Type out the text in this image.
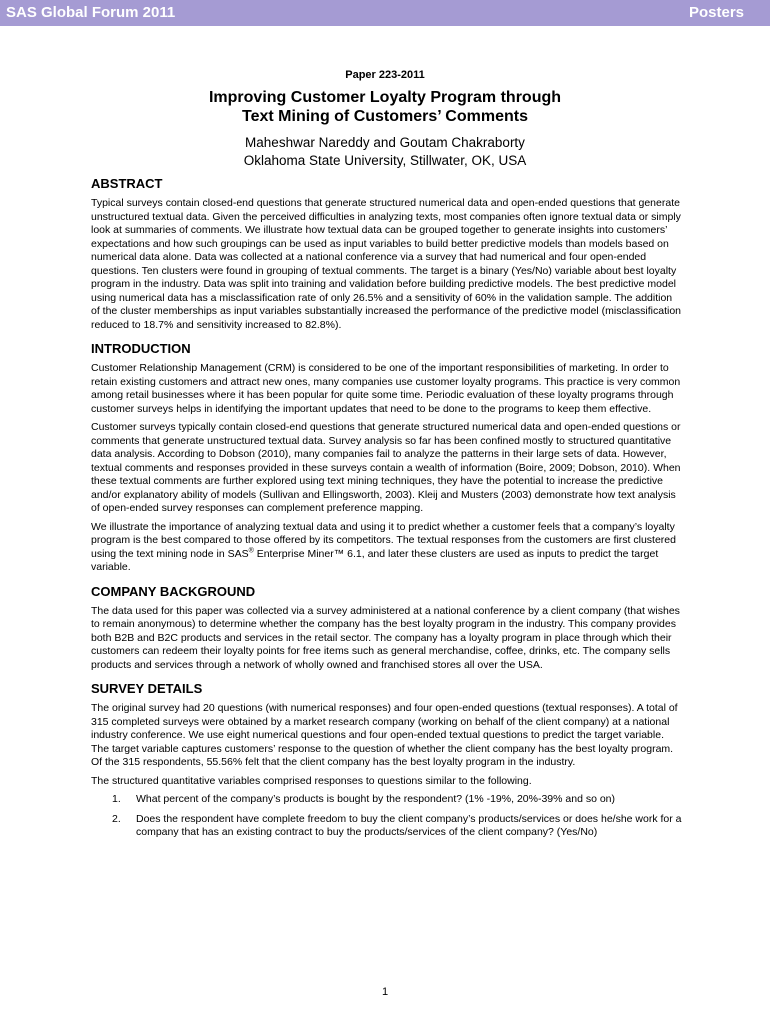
SAS Global Forum 2011	Posters
Paper 223-2011
Improving Customer Loyalty Program through
Text Mining of Customers’ Comments
Maheshwar Nareddy and Goutam Chakraborty
Oklahoma State University, Stillwater, OK, USA
ABSTRACT

Typical surveys contain closed-end questions that generate structured numerical data and open-ended questions that generate unstructured textual data. Given the perceived difficulties in analyzing texts, most companies often ignore textual data or simply look at summaries of comments. We illustrate how textual data can be grouped together to generate insights into customers’ expectations and how such groupings can be used as input variables to build better predictive models than models based on numerical data alone. Data was collected at a national conference via a survey that had numerical and four open-ended questions. Ten clusters were found in grouping of textual comments. The target is a binary (Yes/No) variable about best loyalty program in the industry. Data was split into training and validation before building predictive models. The best predictive model using numerical data has a misclassification rate of only 26.5% and a sensitivity of 60% in the validation sample. The addition of the cluster memberships as input variables substantially increased the performance of the predictive model (misclassification reduced to 18.7% and sensitivity increased to 82.8%).

INTRODUCTION

Customer Relationship Management (CRM) is considered to be one of the important responsibilities of marketing. In order to retain existing customers and attract new ones, many companies use customer loyalty programs. This practice is very common among retail businesses where it has been popular for quite some time. Periodic evaluation of these loyalty programs through customer surveys helps in identifying the important updates that need to be done to the programs to keep them effective.

Customer surveys typically contain closed-end questions that generate structured numerical data and open-ended questions or comments that generate unstructured textual data. Survey analysis so far has been confined mostly to structured quantitative data analysis. According to Dobson (2010), many companies fail to analyze the patterns in their large sets of data. However, textual comments and responses provided in these surveys contain a wealth of information (Boire, 2009; Dobson, 2010). When these textual comments are further explored using text mining techniques, they have the potential to increase the predictive and/or explanatory ability of models (Sullivan and Ellingsworth, 2003). Kleij and Musters (2003) demonstrate how text analysis of open-ended survey responses can complement preference mapping.

We illustrate the importance of analyzing textual data and using it to predict whether a customer feels that a company’s loyalty program is the best compared to those offered by its competitors. The textual responses from the customers are first clustered using the text mining node in SAS® Enterprise Miner™ 6.1, and later these clusters are used as inputs to predict the target variable.

COMPANY BACKGROUND

The data used for this paper was collected via a survey administered at a national conference by a client company (that wishes to remain anonymous) to determine whether the company has the best loyalty program in the industry. This company provides both B2B and B2C products and services in the retail sector. The company has a loyalty program in place through which their customers can redeem their loyalty points for free items such as general merchandise, coffee, drinks, etc. The company sells products and services through a network of wholly owned and franchised stores all over the USA.

SURVEY DETAILS

The original survey had 20 questions (with numerical responses) and four open-ended questions (textual responses). A total of 315 completed surveys were obtained by a market research company (working on behalf of the client company) at a national industry conference. We use eight numerical questions and four open-ended textual questions to predict the target variable. The target variable captures customers’ response to the question of whether the client company has the best loyalty program. Of the 315 respondents, 55.56% felt that the client company has the best loyalty program in the industry.

The structured quantitative variables comprised responses to questions similar to the following.

1. What percent of the company’s products is bought by the respondent? (1% -19%, 20%-39% and so on)
2. Does the respondent have complete freedom to buy the client company’s products/services or does he/she work for a company that has an existing contract to buy the products/services of the client company? (Yes/No)
1
